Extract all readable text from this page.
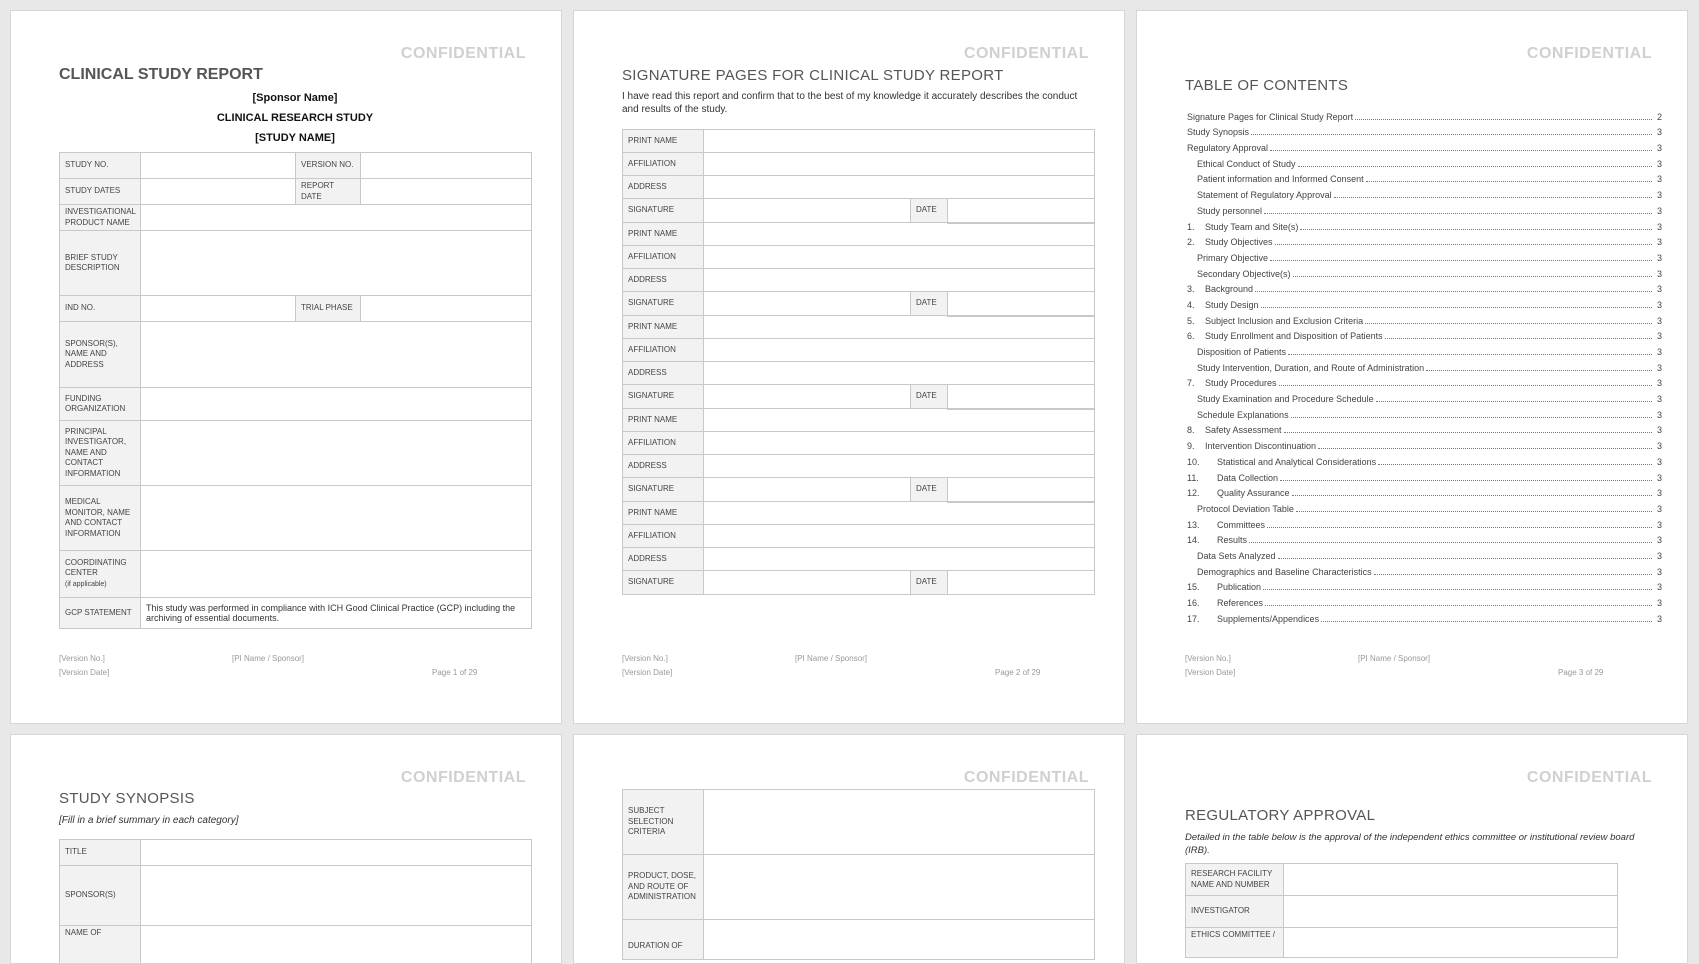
CONFIDENTIAL
CLINICAL STUDY REPORT
[Sponsor Name]
CLINICAL RESEARCH STUDY
[STUDY NAME]
STUDY NO.		VERSION NO.	
STUDY DATES		REPORT DATE	
INVESTIGATIONAL PRODUCT NAME			
BRIEF STUDY DESCRIPTION			
IND NO.		TRIAL PHASE	
SPONSOR(S), NAME AND ADDRESS			
FUNDING ORGANIZATION			
PRINCIPAL INVESTIGATOR, NAME AND CONTACT INFORMATION			
MEDICAL MONITOR, NAME AND CONTACT INFORMATION			
COORDINATING CENTER
(if applicable)			
GCP STATEMENT	This study was performed in compliance with ICH Good Clinical Practice (GCP) including the archiving of essential documents.		
[Version No.]	[PI Name / Sponsor]
[Version Date]	Page 1 of 29
CONFIDENTIAL
SIGNATURE PAGES FOR CLINICAL STUDY REPORT
I have read this report and confirm that to the best of my knowledge it accurately describes the conduct and results of the study.
PRINT NAME			
AFFILIATION			
ADDRESS			
SIGNATURE		DATE	
PRINT NAME			
AFFILIATION			
ADDRESS			
SIGNATURE		DATE	
PRINT NAME			
AFFILIATION			
ADDRESS			
SIGNATURE		DATE	
PRINT NAME			
AFFILIATION			
ADDRESS			
SIGNATURE		DATE	
PRINT NAME			
AFFILIATION			
ADDRESS			
SIGNATURE		DATE	
[Version No.]	[PI Name / Sponsor]
[Version Date]	Page 2 of 29
CONFIDENTIAL
TABLE OF CONTENTS
Signature Pages for Clinical Study Report	2
Study Synopsis	3
Regulatory Approval	3
Ethical Conduct of Study	3
Patient information and Informed Consent	3
Statement of Regulatory Approval	3
Study personnel	3
1.	Study Team and Site(s)	3
2.	Study Objectives	3
Primary Objective	3
Secondary Objective(s)	3
3.	Background	3
4.	Study Design	3
5.	Subject Inclusion and Exclusion Criteria	3
6.	Study Enrollment and Disposition of Patients	3
Disposition of Patients	3
Study Intervention, Duration, and Route of Administration	3
7.	Study Procedures	3
Study Examination and Procedure Schedule	3
Schedule Explanations	3
8.	Safety Assessment	3
9.	Intervention Discontinuation	3
10.	Statistical and Analytical Considerations	3
11.	Data Collection	3
12.	Quality Assurance	3
Protocol Deviation Table	3
13.	Committees	3
14.	Results	3
Data Sets Analyzed	3
Demographics and Baseline Characteristics	3
15.	Publication	3
16.	References	3
17.	Supplements/Appendices	3
[Version No.]	[PI Name / Sponsor]
[Version Date]	Page 3 of 29
CONFIDENTIAL
STUDY SYNOPSIS
[Fill in a brief summary in each category]
TITLE	
SPONSOR(S)	
NAME OF	
CONFIDENTIAL
SUBJECT SELECTION CRITERIA	
PRODUCT, DOSE, AND ROUTE OF ADMINISTRATION	
DURATION OF	
CONFIDENTIAL
REGULATORY APPROVAL
Detailed in the table below is the approval of the independent ethics committee or institutional review board (IRB).
RESEARCH FACILITY NAME AND NUMBER	
INVESTIGATOR	
ETHICS COMMITTEE /	
